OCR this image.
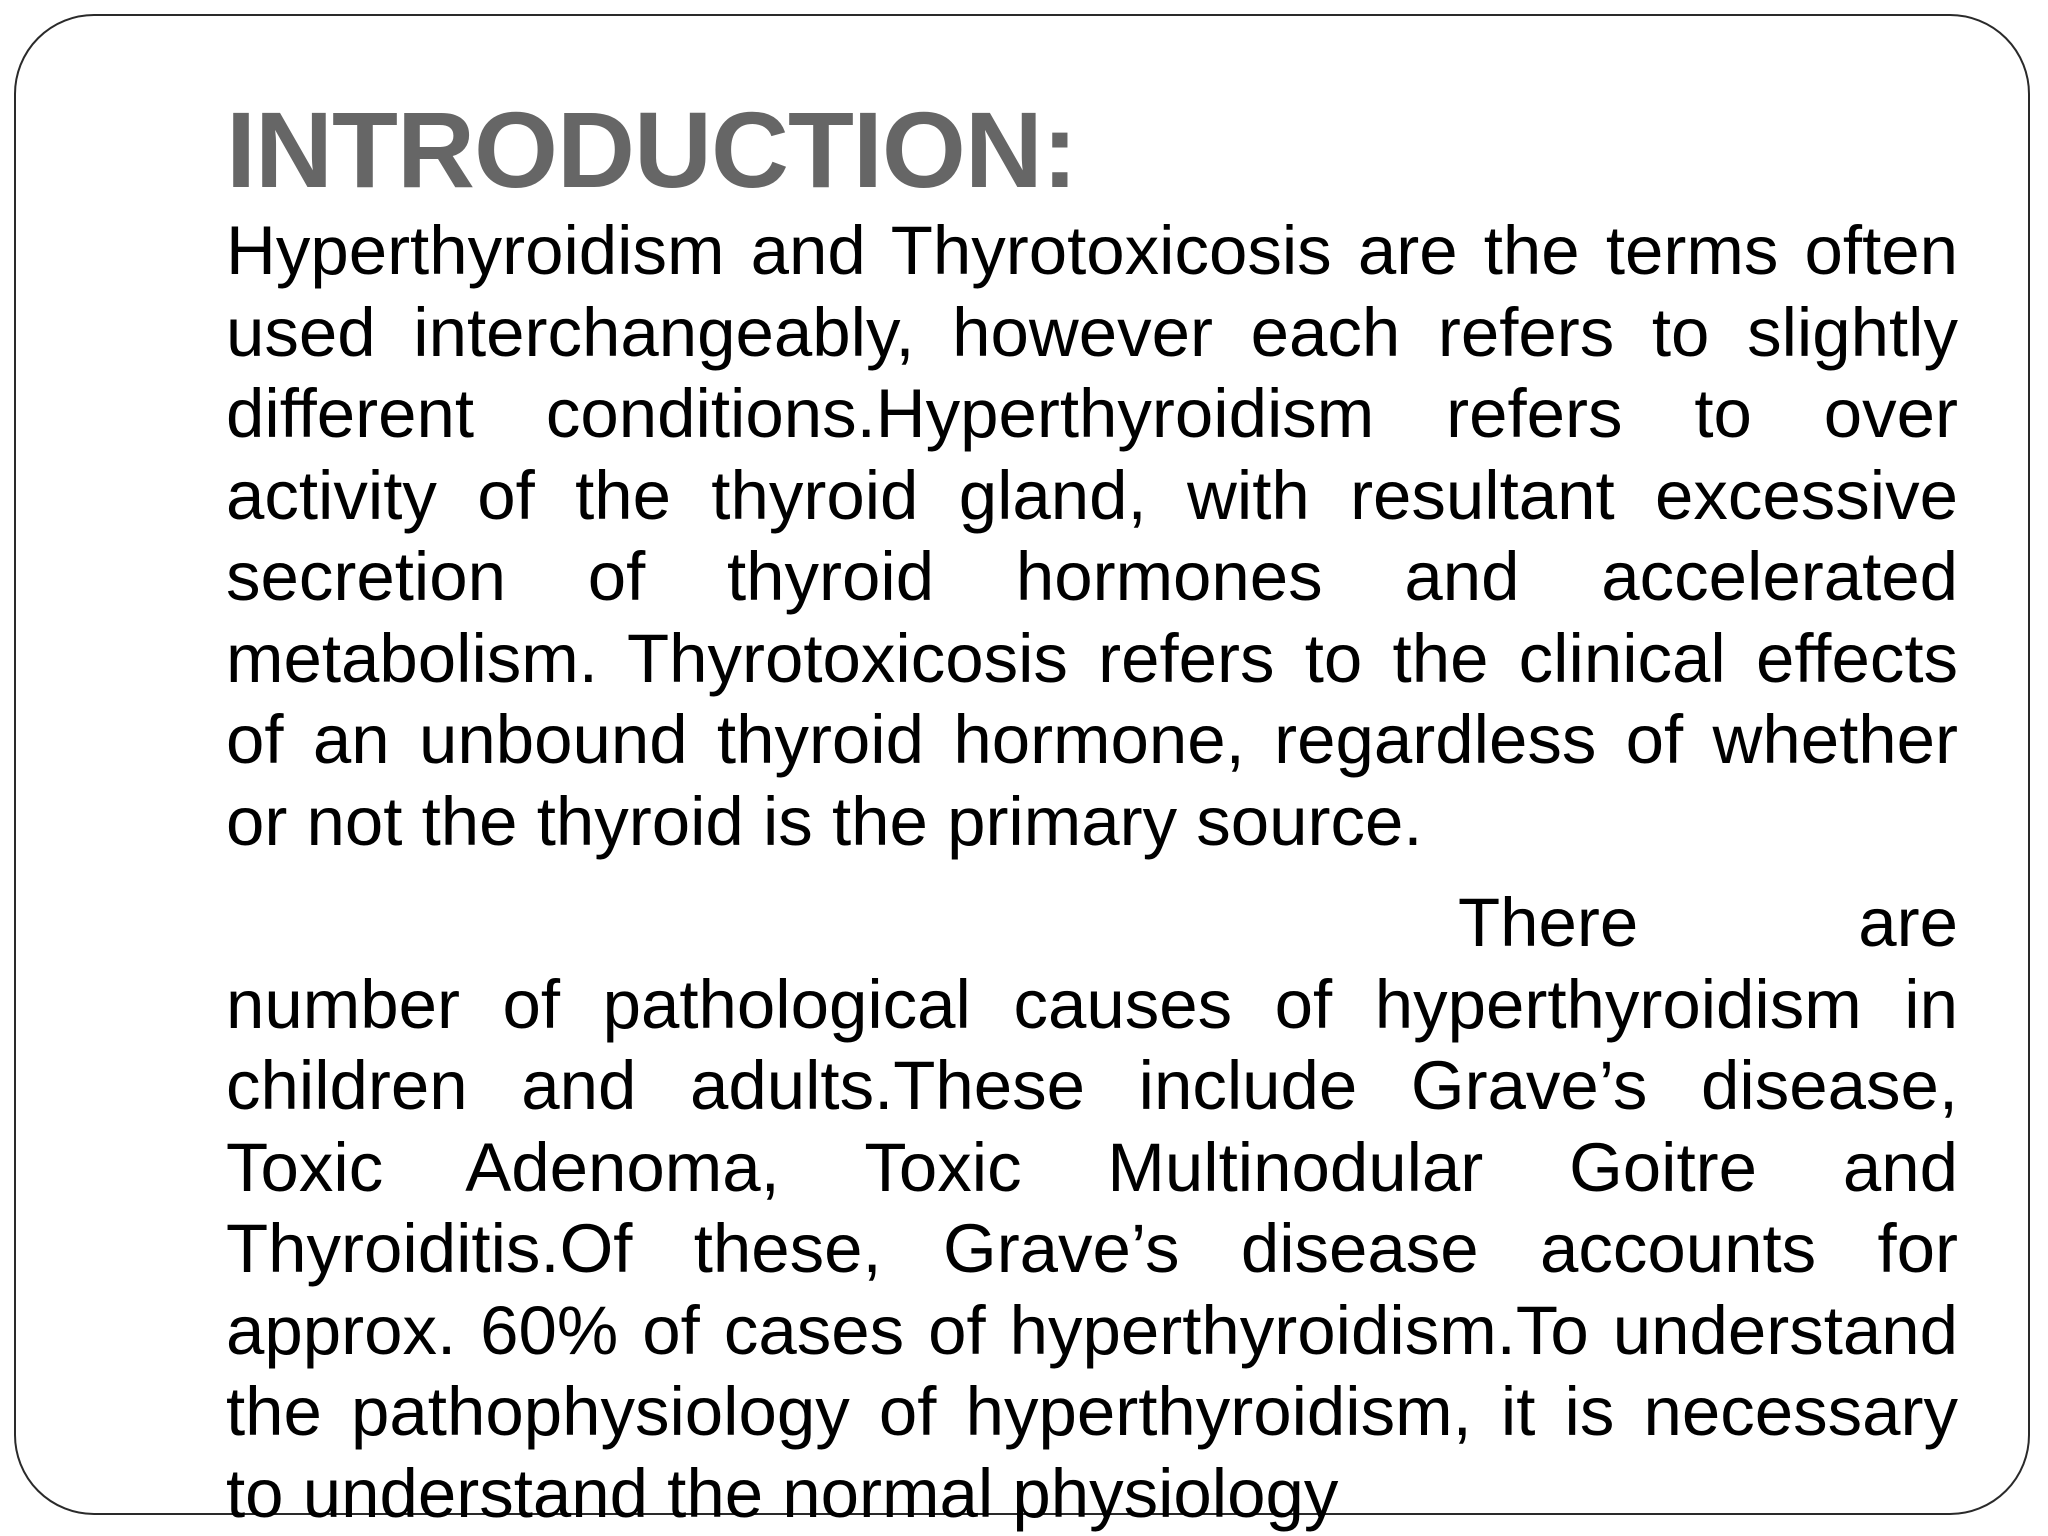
INTRODUCTION:

Hyperthyroidism and Thyrotoxicosis are the terms often used interchangeably, however each refers to slightly different conditions.Hyperthyroidism refers to over activity of the thyroid gland, with resultant excessive secretion of thyroid hormones and accelerated metabolism. Thyrotoxicosis refers to the clinical effects of an unbound thyroid hormone, regardless of whether or not the thyroid is the primary source.

There	are

number of pathological causes of hyperthyroidism in children and adults.These include Grave’s disease, Toxic Adenoma, Toxic Multinodular Goitre and Thyroiditis.Of these, Grave’s disease accounts for approx. 60% of cases of hyperthyroidism.To understand the pathophysiology of hyperthyroidism, it is necessary to understand the normal physiology
